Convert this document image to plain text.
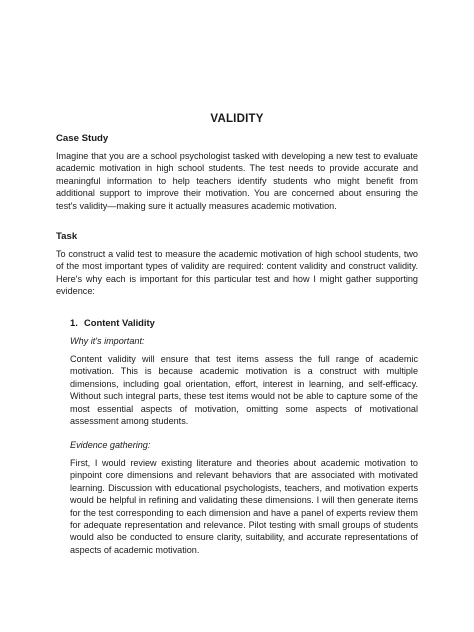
VALIDITY
Case Study

Imagine that you are a school psychologist tasked with developing a new test to evaluate academic motivation in high school students. The test needs to provide accurate and meaningful information to help teachers identify students who might benefit from additional support to improve their motivation. You are concerned about ensuring the test's validity—making sure it actually measures academic motivation.

Task

To construct a valid test to measure the academic motivation of high school students, two of the most important types of validity are required: content validity and construct validity. Here's why each is important for this particular test and how I might gather supporting evidence:

1. Content Validity
Why it's important:

Content validity will ensure that test items assess the full range of academic motivation. This is because academic motivation is a construct with multiple dimensions, including goal orientation, effort, interest in learning, and self-efficacy. Without such integral parts, these test items would not be able to capture some of the most essential aspects of motivation, omitting some aspects of motivational assessment among students.

Evidence gathering:

First, I would review existing literature and theories about academic motivation to pinpoint core dimensions and relevant behaviors that are associated with motivated learning. Discussion with educational psychologists, teachers, and motivation experts would be helpful in refining and validating these dimensions. I will then generate items for the test corresponding to each dimension and have a panel of experts review them for adequate representation and relevance. Pilot testing with small groups of students would also be conducted to ensure clarity, suitability, and accurate representations of aspects of academic motivation.
